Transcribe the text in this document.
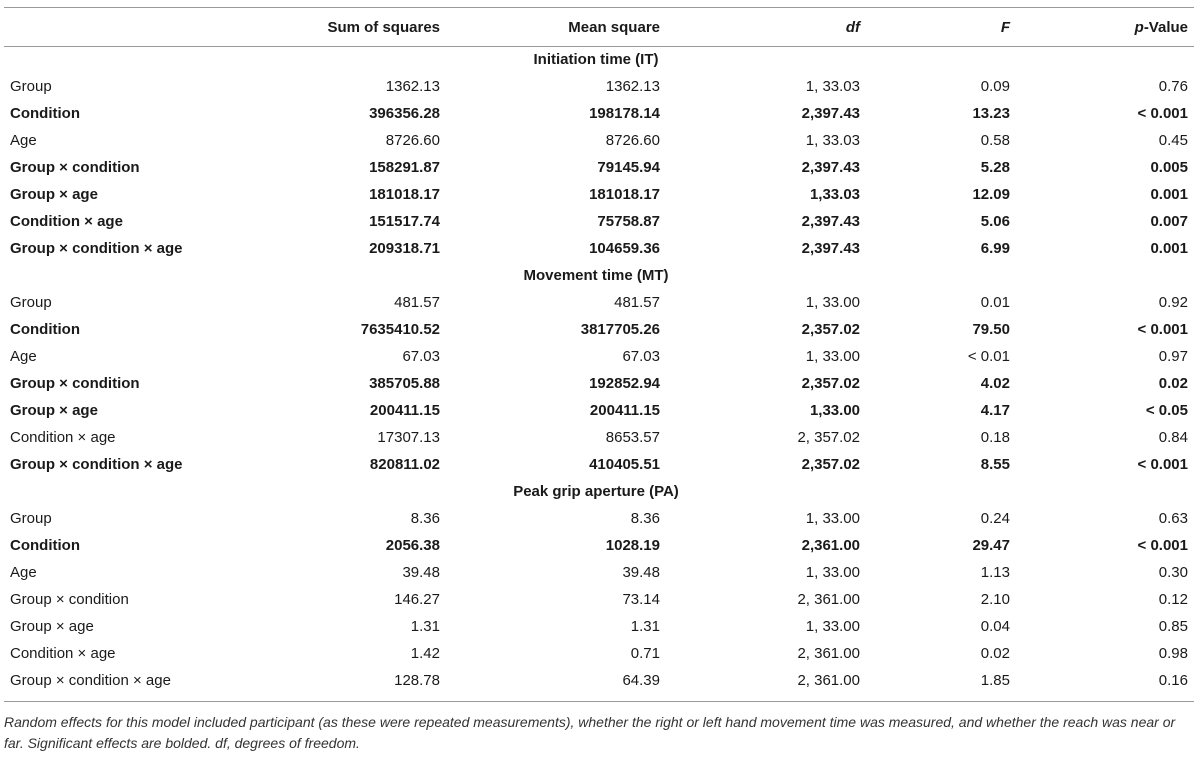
	Sum of squares	Mean square	df	F	p-Value
Initiation time (IT)					
Group	1362.13	1362.13	1, 33.03	0.09	0.76
Condition	396356.28	198178.14	2,397.43	13.23	< 0.001
Age	8726.60	8726.60	1, 33.03	0.58	0.45
Group × condition	158291.87	79145.94	2,397.43	5.28	0.005
Group × age	181018.17	181018.17	1,33.03	12.09	0.001
Condition × age	151517.74	75758.87	2,397.43	5.06	0.007
Group × condition × age	209318.71	104659.36	2,397.43	6.99	0.001
Movement time (MT)					
Group	481.57	481.57	1, 33.00	0.01	0.92
Condition	7635410.52	3817705.26	2,357.02	79.50	< 0.001
Age	67.03	67.03	1, 33.00	< 0.01	0.97
Group × condition	385705.88	192852.94	2,357.02	4.02	0.02
Group × age	200411.15	200411.15	1,33.00	4.17	< 0.05
Condition × age	17307.13	8653.57	2, 357.02	0.18	0.84
Group × condition × age	820811.02	410405.51	2,357.02	8.55	< 0.001
Peak grip aperture (PA)					
Group	8.36	8.36	1, 33.00	0.24	0.63
Condition	2056.38	1028.19	2,361.00	29.47	< 0.001
Age	39.48	39.48	1, 33.00	1.13	0.30
Group × condition	146.27	73.14	2, 361.00	2.10	0.12
Group × age	1.31	1.31	1, 33.00	0.04	0.85
Condition × age	1.42	0.71	2, 361.00	0.02	0.98
Group × condition × age	128.78	64.39	2, 361.00	1.85	0.16
Random effects for this model included participant (as these were repeated measurements), whether the right or left hand movement time was measured, and whether the reach was near or far. Significant effects are bolded. df, degrees of freedom.
